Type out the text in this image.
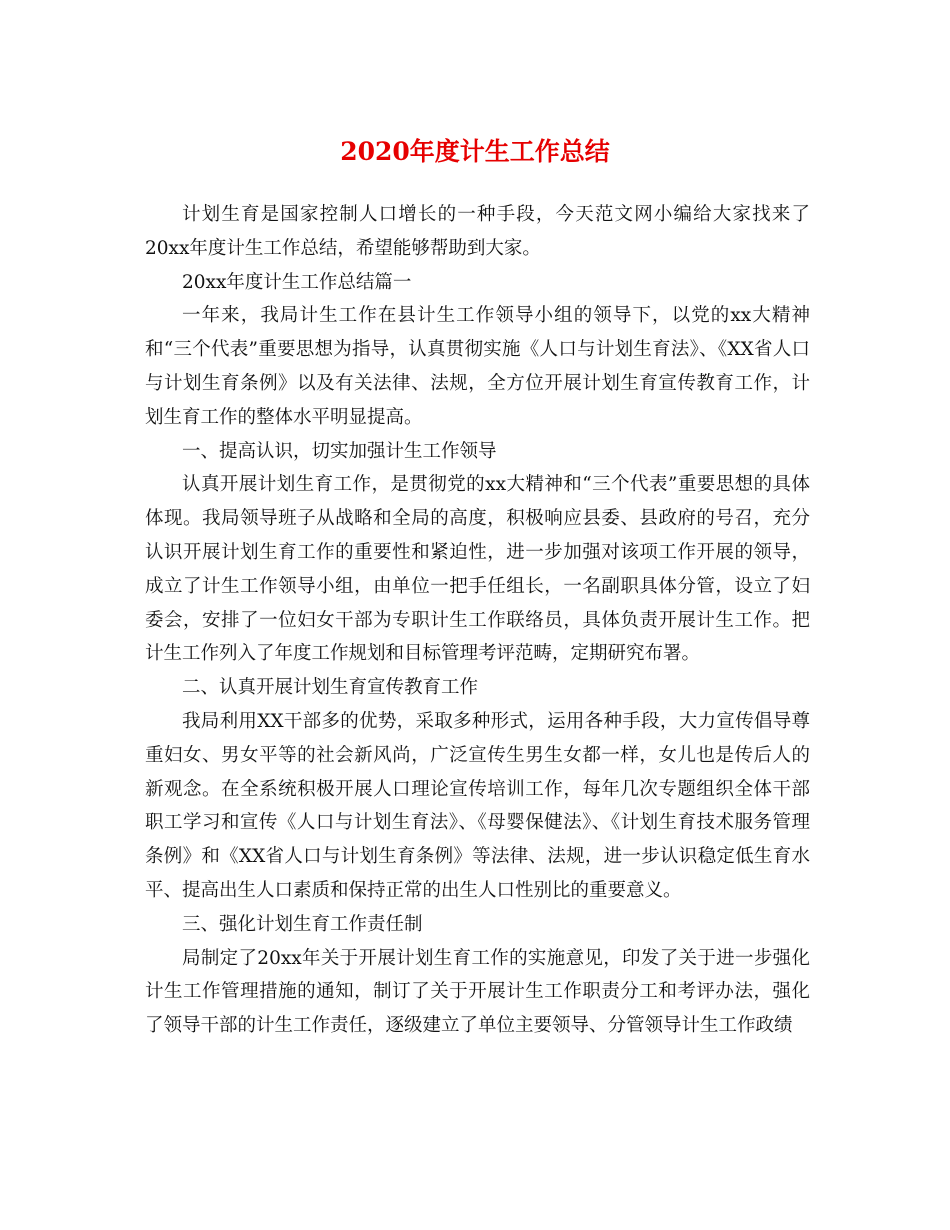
2020年度计生工作总结

计划生育是国家控制人口增长的一种手段，今天范文网小编给大家找来了20xx年度计生工作总结，希望能够帮助到大家。

20xx年度计生工作总结篇一

一年来，我局计生工作在县计生工作领导小组的领导下，以党的xx大精神和“三个代表”重要思想为指导，认真贯彻实施《人口与计划生育法》、《XX省人口与计划生育条例》以及有关法律、法规，全方位开展计划生育宣传教育工作，计划生育工作的整体水平明显提高。

一、提高认识，切实加强计生工作领导

认真开展计划生育工作，是贯彻党的xx大精神和“三个代表”重要思想的具体体现。我局领导班子从战略和全局的高度，积极响应县委、县政府的号召，充分认识开展计划生育工作的重要性和紧迫性，进一步加强对该项工作开展的领导，成立了计生工作领导小组，由单位一把手任组长，一名副职具体分管，设立了妇委会，安排了一位妇女干部为专职计生工作联络员，具体负责开展计生工作。把计生工作列入了年度工作规划和目标管理考评范畴，定期研究布署。

二、认真开展计划生育宣传教育工作

我局利用XX干部多的优势，采取多种形式，运用各种手段，大力宣传倡导尊重妇女、男女平等的社会新风尚，广泛宣传生男生女都一样，女儿也是传后人的新观念。在全系统积极开展人口理论宣传培训工作，每年几次专题组织全体干部职工学习和宣传《人口与计划生育法》、《母婴保健法》、《计划生育技术服务管理条例》和《XX省人口与计划生育条例》等法律、法规，进一步认识稳定低生育水平、提高出生人口素质和保持正常的出生人口性别比的重要意义。

三、强化计划生育工作责任制

局制定了20xx年关于开展计划生育工作的实施意见，印发了关于进一步强化计生工作管理措施的通知，制订了关于开展计生工作职责分工和考评办法，强化了领导干部的计生工作责任，逐级建立了单位主要领导、分管领导计生工作政绩
